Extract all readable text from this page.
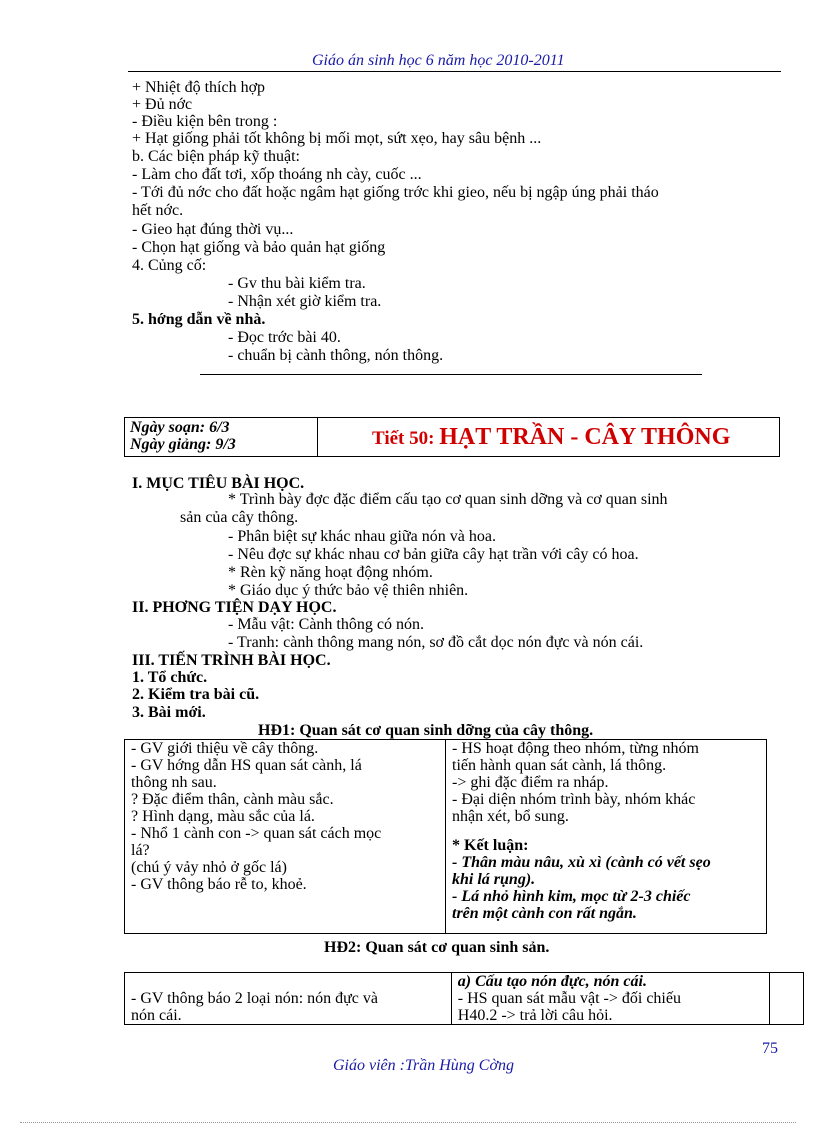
Giáo án sinh học 6 năm học 2010-2011
+ Nhiệt độ thích hợp
+ Đủ nớc
- Điều kiện bên trong :
+ Hạt giống phải tốt không bị mối mọt, sứt xẹo, hay sâu bệnh ...
b. Các biện pháp kỹ thuật:
- Làm cho đất tơi, xốp thoáng nh cày, cuốc ...
- Tới đủ nớc cho đất hoặc ngâm hạt giống trớc khi gieo, nếu bị ngập úng phải tháo
hết nớc.
- Gieo hạt đúng thời vụ...
- Chọn hạt giống và bảo quản hạt giống
4. Củng cố:
- Gv thu bài kiểm tra.
- Nhận xét giờ kiểm tra.
5. hớng dẫn về nhà.
- Đọc trớc bài 40.
- chuẩn bị cành thông, nón thông.
Ngày soạn: 6/3
Ngày giảng: 9/3	Tiết 50: HẠT TRẦN - CÂY THÔNG
I. MỤC TIÊU BÀI HỌC.
* Trình bày đợc đặc điểm cấu tạo cơ quan sinh dỡng và cơ quan sinh
sản của cây thông.
- Phân biệt sự khác nhau giữa nón và hoa.
- Nêu đợc sự khác nhau cơ bản giữa cây hạt trần với cây có hoa.
* Rèn kỹ năng hoạt động nhóm.
* Giáo dục ý thức bảo vệ thiên nhiên.
II. PHƠNG TIỆN DẠY HỌC.
- Mẫu vật: Cành thông có nón.
- Tranh: cành thông mang nón, sơ đồ cắt dọc nón đực và nón cái.
III. TIẾN TRÌNH BÀI HỌC.
1. Tổ chức.
2. Kiểm tra bài cũ.
3. Bài mới.
HĐ1: Quan sát cơ quan sinh dỡng của cây thông.
- GV giới thiệu về cây thông.
- GV hớng dẫn HS quan sát cành, lá
thông nh sau.
? Đặc điểm thân, cành màu sắc.
? Hình dạng, màu sắc của lá.
- Nhổ 1 cành con -> quan sát cách mọc
lá?
(chú ý vảy nhỏ ở gốc lá)
- GV thông báo rễ to, khoẻ.

- HS hoạt động theo nhóm, từng nhóm
tiến hành quan sát cành, lá thông.
-> ghi đặc điểm ra nháp.
- Đại diện nhóm trình bày, nhóm khác
nhận xét, bổ sung.
* Kết luận:
- Thân màu nâu, xù xì (cành có vết sẹo
khi lá rụng).
- Lá nhỏ hình kim, mọc từ 2-3 chiếc
trên một cành con rất ngắn.
HĐ2: Quan sát cơ quan sinh sản.
- GV thông báo 2 loại nón: nón đực và
nón cái.

a) Cấu tạo nón đực, nón cái.
- HS quan sát mẫu vật -> đối chiếu
H40.2 -> trả lời câu hỏi.

75
Giáo viên :Trần Hùng Cờng
